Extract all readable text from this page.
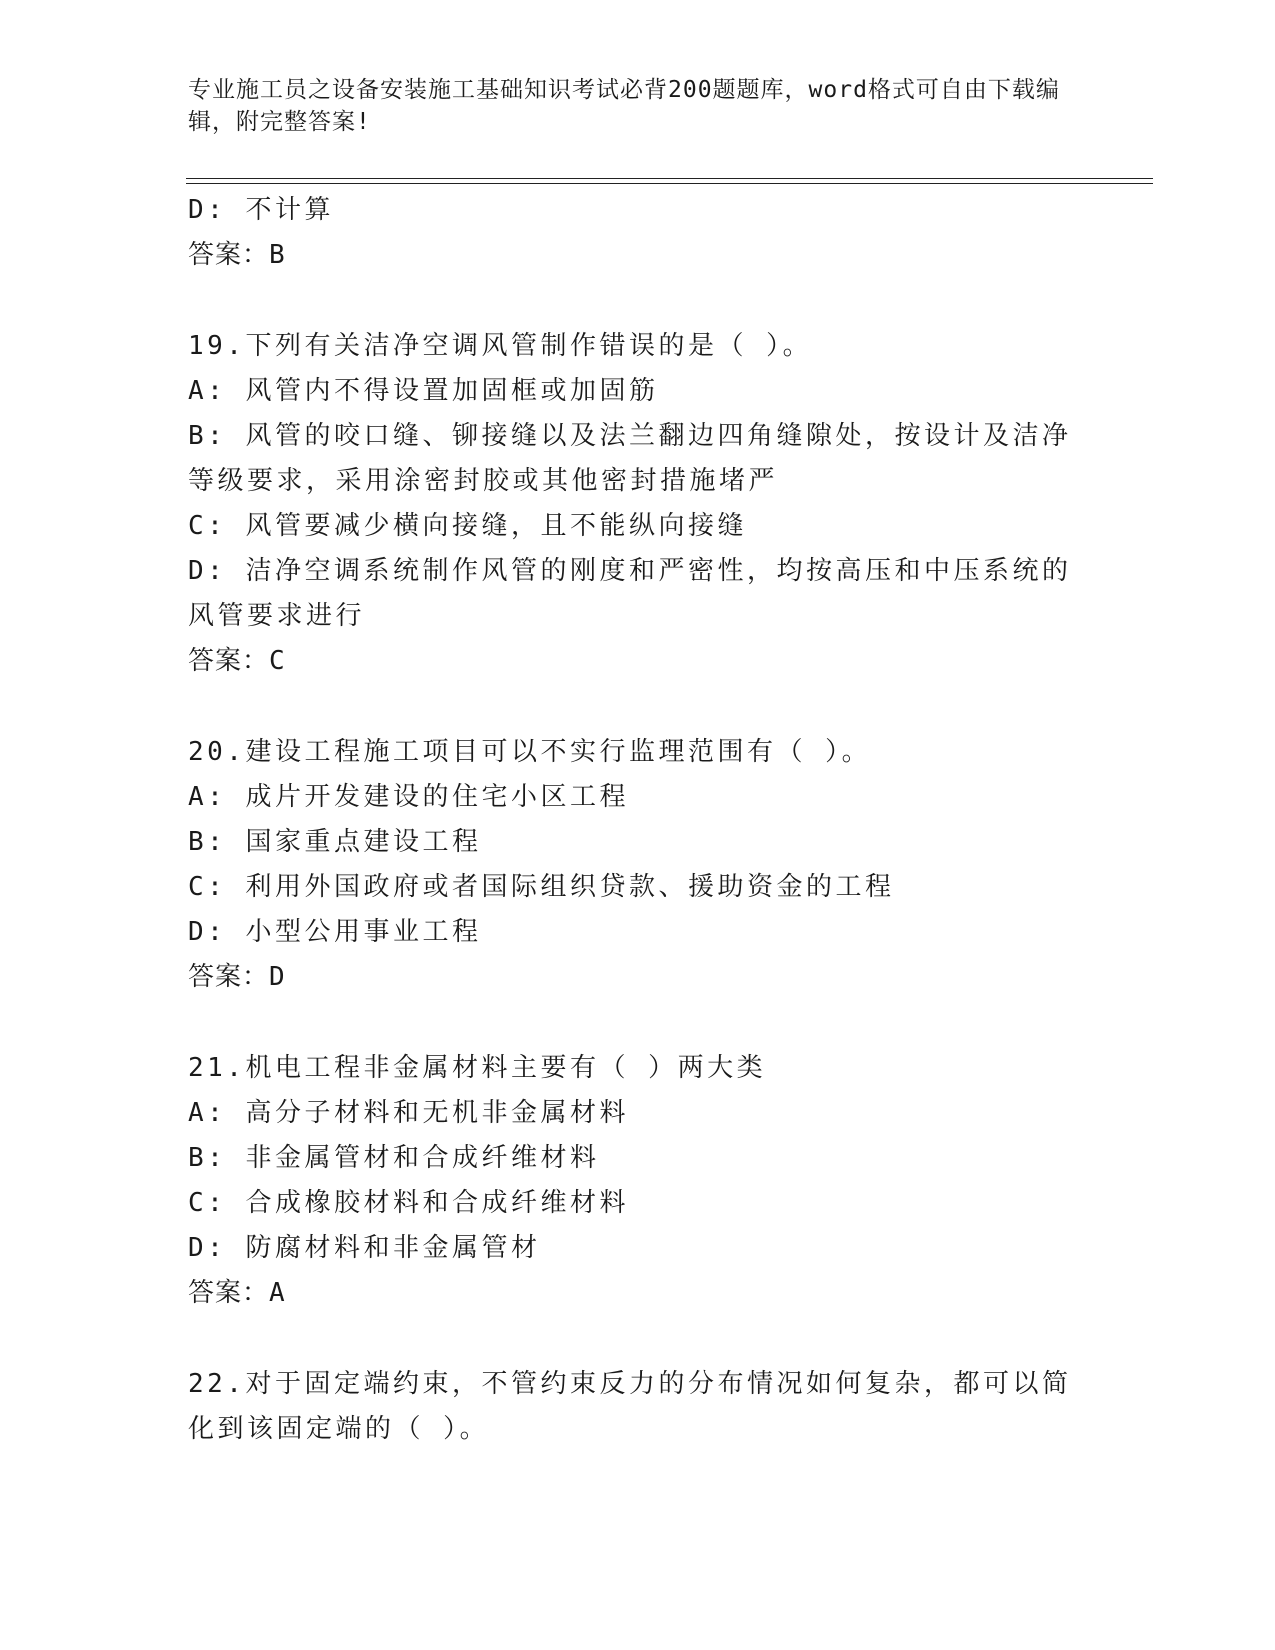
专业施工员之设备安装施工基础知识考试必背200题题库，word格式可自由下载编辑，附完整答案!
D: 不计算
答案：B
19.下列有关洁净空调风管制作错误的是（ ）。
A: 风管内不得设置加固框或加固筋
B: 风管的咬口缝、铆接缝以及法兰翻边四角缝隙处，按设计及洁净等级要求，采用涂密封胶或其他密封措施堵严
C: 风管要减少横向接缝，且不能纵向接缝
D: 洁净空调系统制作风管的刚度和严密性，均按高压和中压系统的风管要求进行
答案：C
20.建设工程施工项目可以不实行监理范围有（ ）。
A: 成片开发建设的住宅小区工程
B: 国家重点建设工程
C: 利用外国政府或者国际组织贷款、援助资金的工程
D: 小型公用事业工程
答案：D
21.机电工程非金属材料主要有（ ）两大类
A: 高分子材料和无机非金属材料
B: 非金属管材和合成纤维材料
C: 合成橡胶材料和合成纤维材料
D: 防腐材料和非金属管材
答案：A
22.对于固定端约束，不管约束反力的分布情况如何复杂，都可以简化到该固定端的（ ）。
